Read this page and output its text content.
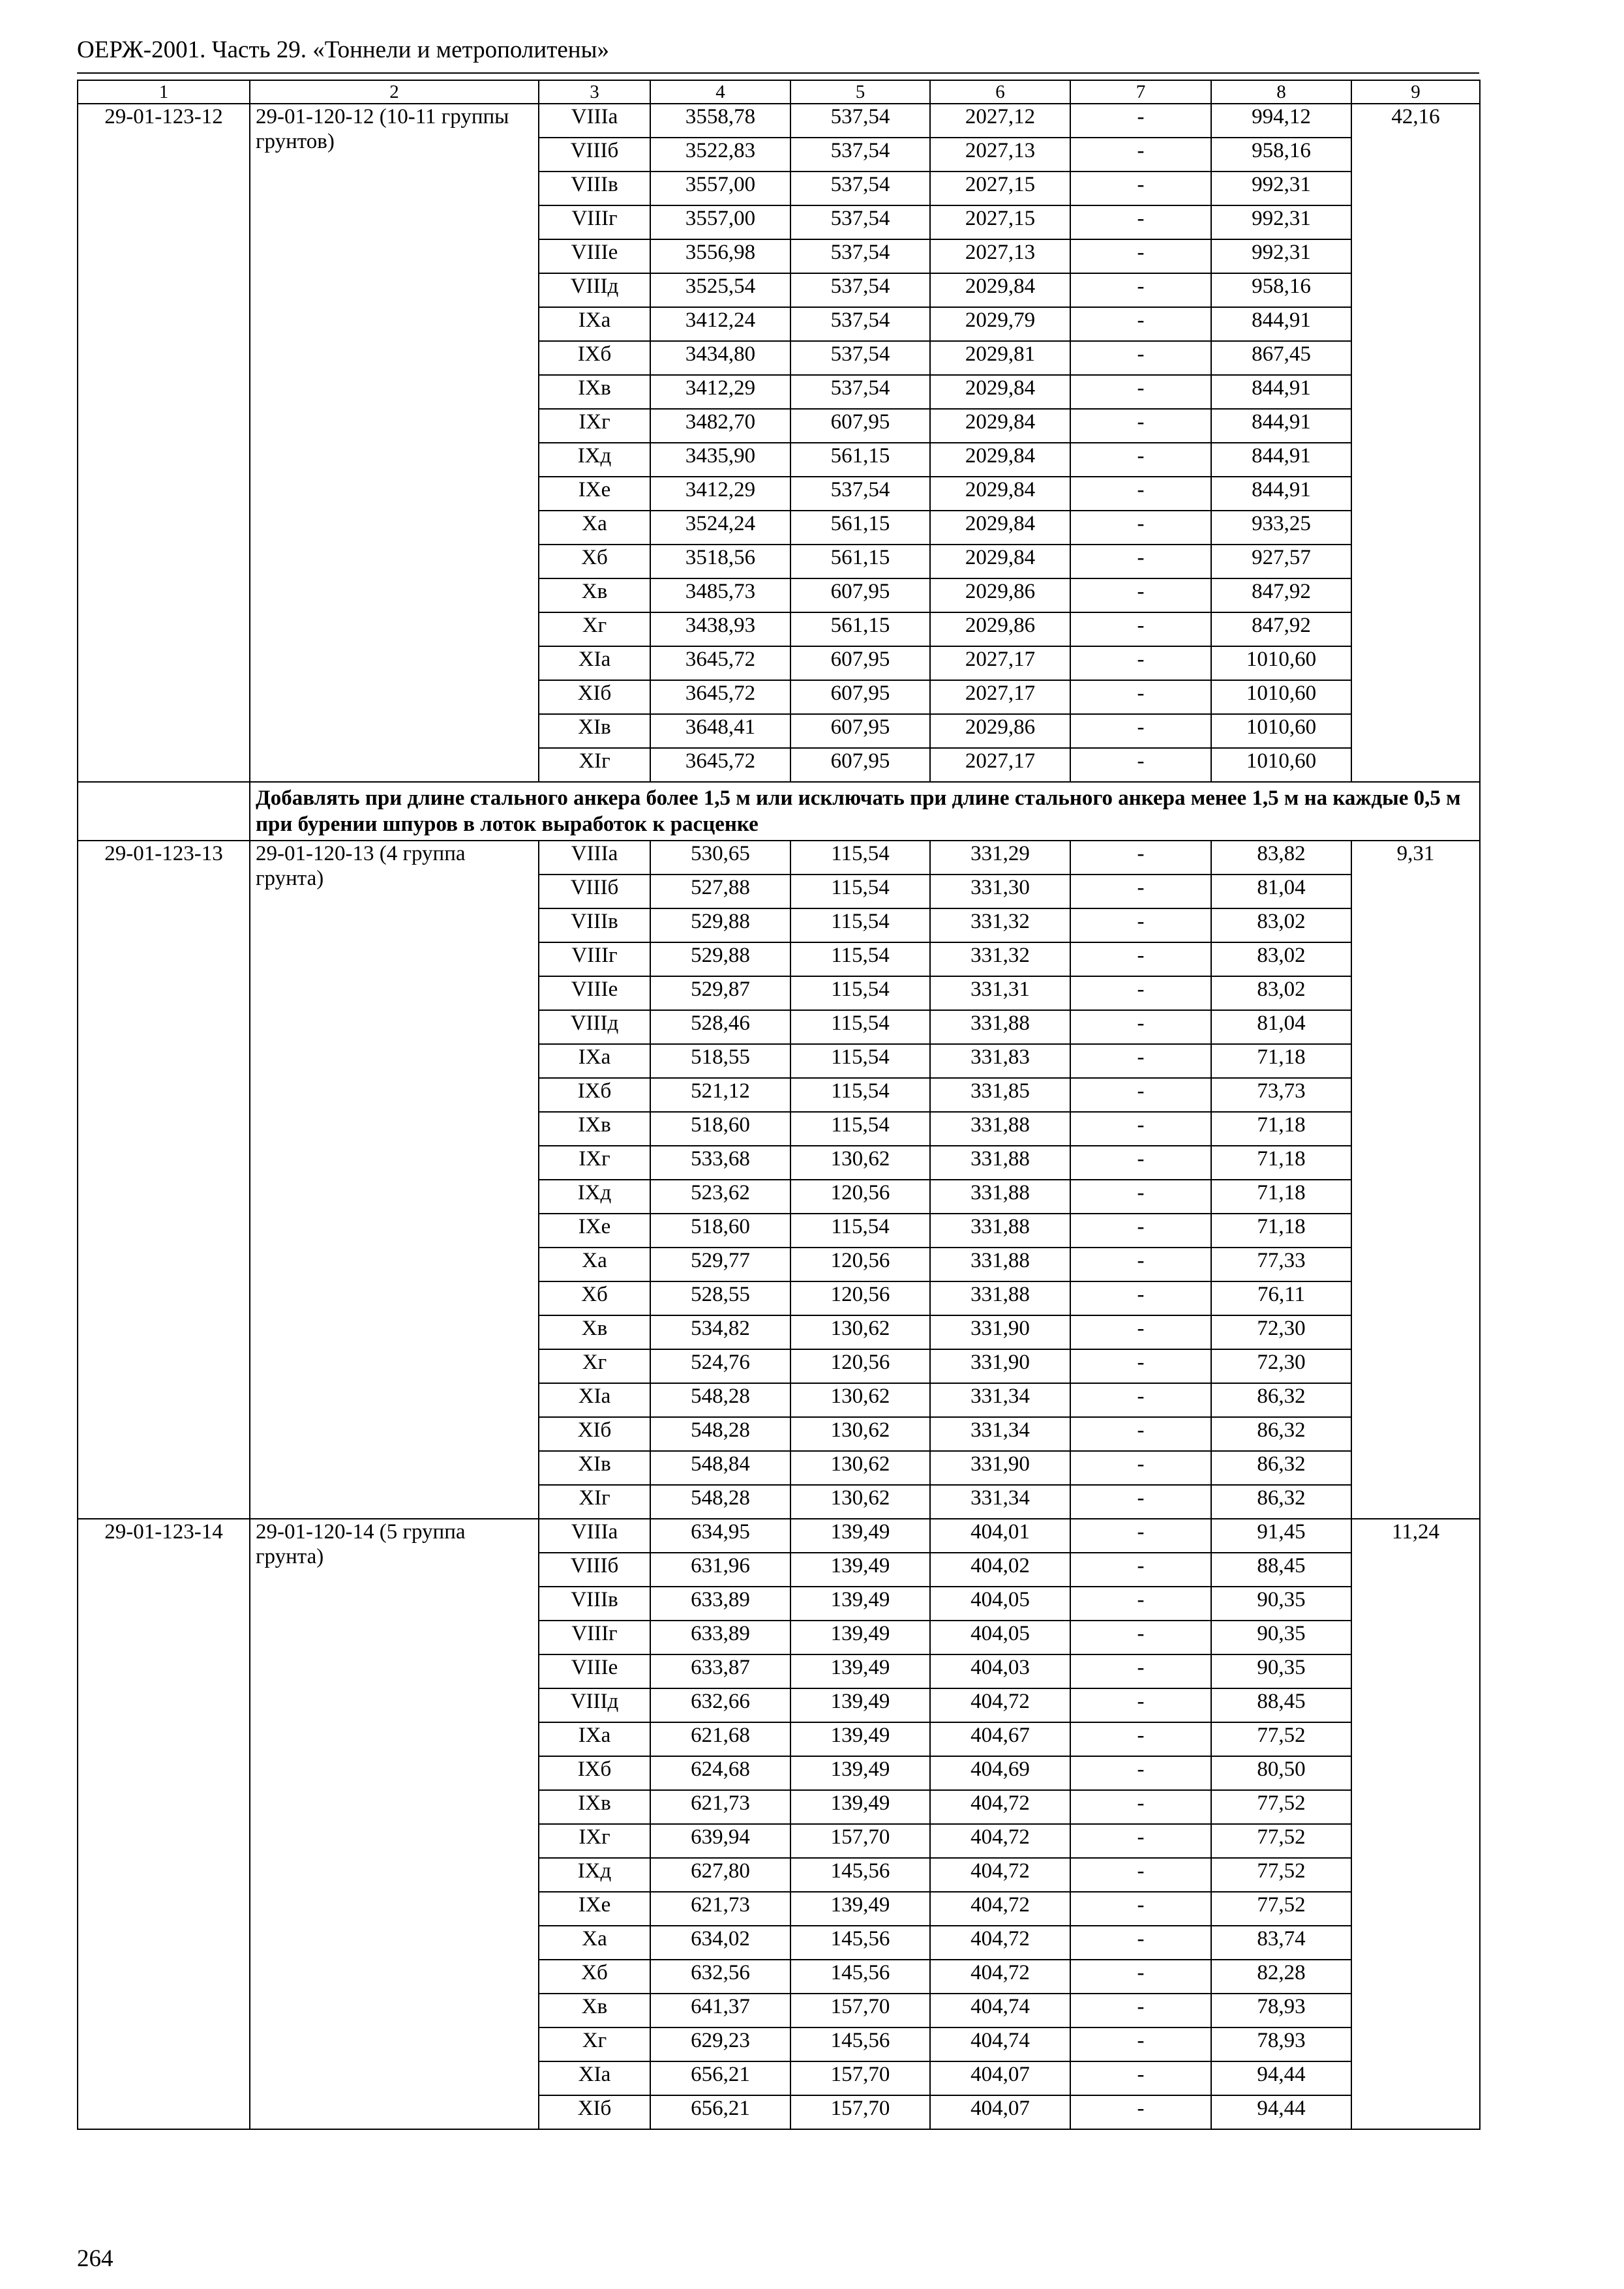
ОЕРЖ-2001. Часть 29. «Тоннели и метрополитены»
1	2	3	4	5	6	7	8	9
29-01-123-12	29-01-120-12 (10-11 группы грунтов)	VIIIа	3558,78	537,54	2027,12	-	994,12	42,16
		VIIIб	3522,83	537,54	2027,13	-	958,16	
		VIIIв	3557,00	537,54	2027,15	-	992,31	
		VIIIг	3557,00	537,54	2027,15	-	992,31	
		VIIIе	3556,98	537,54	2027,13	-	992,31	
		VIIIд	3525,54	537,54	2029,84	-	958,16	
		IXа	3412,24	537,54	2029,79	-	844,91	
		IXб	3434,80	537,54	2029,81	-	867,45	
		IXв	3412,29	537,54	2029,84	-	844,91	
		IXг	3482,70	607,95	2029,84	-	844,91	
		IXд	3435,90	561,15	2029,84	-	844,91	
		IXе	3412,29	537,54	2029,84	-	844,91	
		Xа	3524,24	561,15	2029,84	-	933,25	
		Xб	3518,56	561,15	2029,84	-	927,57	
		Xв	3485,73	607,95	2029,86	-	847,92	
		Xг	3438,93	561,15	2029,86	-	847,92	
		XIа	3645,72	607,95	2027,17	-	1010,60	
		XIб	3645,72	607,95	2027,17	-	1010,60	
		XIв	3648,41	607,95	2029,86	-	1010,60	
		XIг	3645,72	607,95	2027,17	-	1010,60	
	Добавлять при длине стального анкера более 1,5 м или исключать при длине стального анкера менее 1,5 м на каждые 0,5 м при бурении шпуров в лоток выработок к расценке							
29-01-123-13	29-01-120-13 (4 группа грунта)	VIIIа	530,65	115,54	331,29	-	83,82	9,31
		VIIIб	527,88	115,54	331,30	-	81,04	
		VIIIв	529,88	115,54	331,32	-	83,02	
		VIIIг	529,88	115,54	331,32	-	83,02	
		VIIIе	529,87	115,54	331,31	-	83,02	
		VIIIд	528,46	115,54	331,88	-	81,04	
		IXа	518,55	115,54	331,83	-	71,18	
		IXб	521,12	115,54	331,85	-	73,73	
		IXв	518,60	115,54	331,88	-	71,18	
		IXг	533,68	130,62	331,88	-	71,18	
		IXд	523,62	120,56	331,88	-	71,18	
		IXе	518,60	115,54	331,88	-	71,18	
		Xа	529,77	120,56	331,88	-	77,33	
		Xб	528,55	120,56	331,88	-	76,11	
		Xв	534,82	130,62	331,90	-	72,30	
		Xг	524,76	120,56	331,90	-	72,30	
		XIа	548,28	130,62	331,34	-	86,32	
		XIб	548,28	130,62	331,34	-	86,32	
		XIв	548,84	130,62	331,90	-	86,32	
		XIг	548,28	130,62	331,34	-	86,32	
29-01-123-14	29-01-120-14 (5 группа грунта)	VIIIа	634,95	139,49	404,01	-	91,45	11,24
		VIIIб	631,96	139,49	404,02	-	88,45	
		VIIIв	633,89	139,49	404,05	-	90,35	
		VIIIг	633,89	139,49	404,05	-	90,35	
		VIIIе	633,87	139,49	404,03	-	90,35	
		VIIIд	632,66	139,49	404,72	-	88,45	
		IXа	621,68	139,49	404,67	-	77,52	
		IXб	624,68	139,49	404,69	-	80,50	
		IXв	621,73	139,49	404,72	-	77,52	
		IXг	639,94	157,70	404,72	-	77,52	
		IXд	627,80	145,56	404,72	-	77,52	
		IXе	621,73	139,49	404,72	-	77,52	
		Xа	634,02	145,56	404,72	-	83,74	
		Xб	632,56	145,56	404,72	-	82,28	
		Xв	641,37	157,70	404,74	-	78,93	
		Xг	629,23	145,56	404,74	-	78,93	
		XIа	656,21	157,70	404,07	-	94,44	
		XIб	656,21	157,70	404,07	-	94,44	
264
